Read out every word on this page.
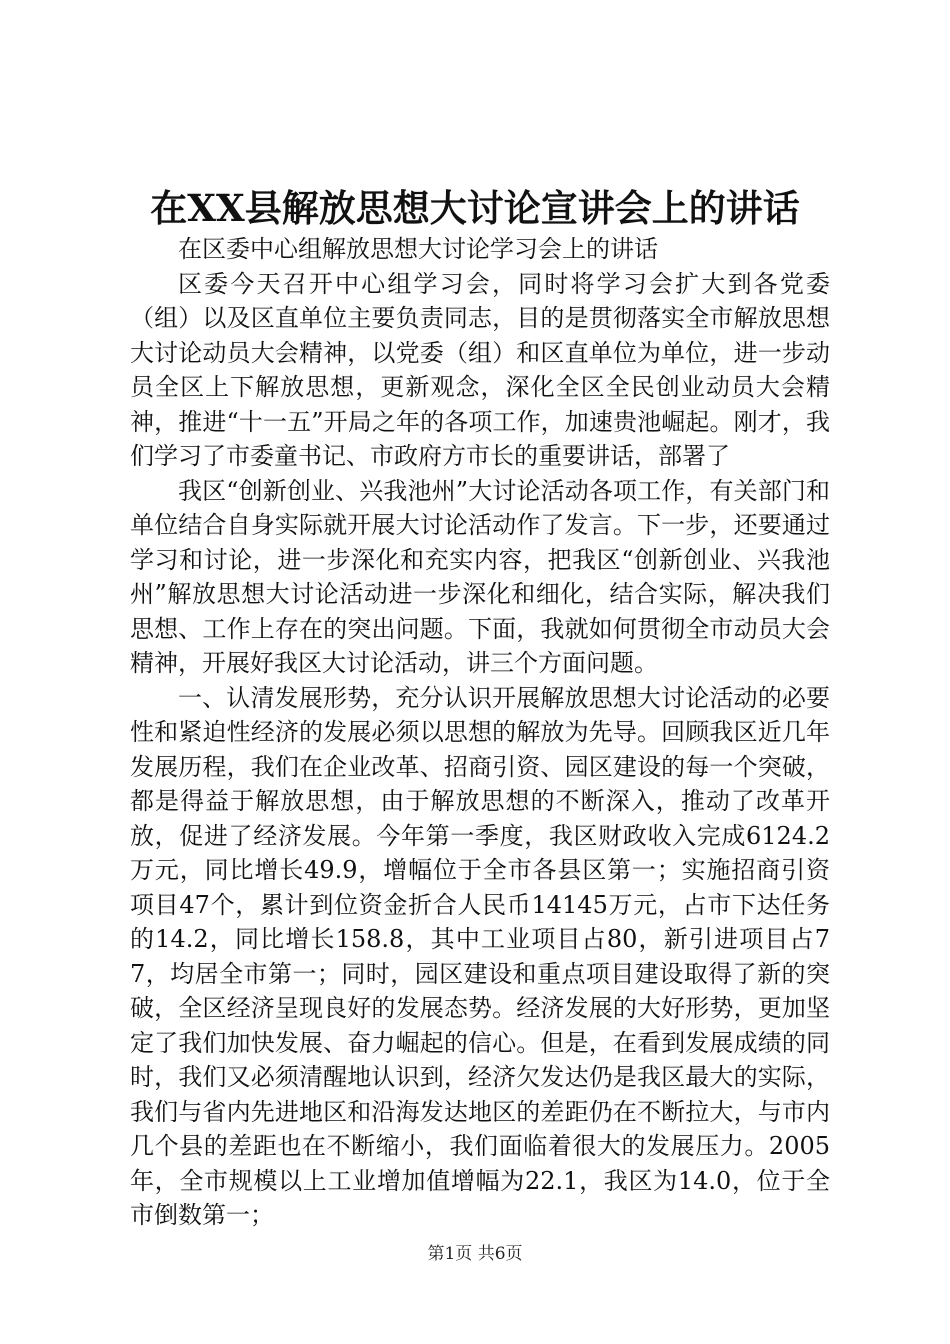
在XX县解放思想大讨论宣讲会上的讲话

在区委中心组解放思想大讨论学习会上的讲话

区委今天召开中心组学习会，同时将学习会扩大到各党委（组）以及区直单位主要负责同志，目的是贯彻落实全市解放思想大讨论动员大会精神，以党委（组）和区直单位为单位，进一步动员全区上下解放思想，更新观念，深化全区全民创业动员大会精神，推进“十一五”开局之年的各项工作，加速贵池崛起。刚才，我们学习了市委童书记、市政府方市长的重要讲话，部署了

我区“创新创业、兴我池州”大讨论活动各项工作，有关部门和单位结合自身实际就开展大讨论活动作了发言。下一步，还要通过学习和讨论，进一步深化和充实内容，把我区“创新创业、兴我池州”解放思想大讨论活动进一步深化和细化，结合实际，解决我们思想、工作上存在的突出问题。下面，我就如何贯彻全市动员大会精神，开展好我区大讨论活动，讲三个方面问题。

一、认清发展形势，充分认识开展解放思想大讨论活动的必要性和紧迫性经济的发展必须以思想的解放为先导。回顾我区近几年发展历程，我们在企业改革、招商引资、园区建设的每一个突破，都是得益于解放思想，由于解放思想的不断深入，推动了改革开放，促进了经济发展。今年第一季度，我区财政收入完成6124.2万元，同比增长49.9，增幅位于全市各县区第一；实施招商引资项目47个，累计到位资金折合人民币14145万元，占市下达任务的14.2，同比增长158.8，其中工业项目占80，新引进项目占77，均居全市第一；同时，园区建设和重点项目建设取得了新的突破，全区经济呈现良好的发展态势。经济发展的大好形势，更加坚定了我们加快发展、奋力崛起的信心。但是，在看到发展成绩的同时，我们又必须清醒地认识到，经济欠发达仍是我区最大的实际，我们与省内先进地区和沿海发达地区的差距仍在不断拉大，与市内几个县的差距也在不断缩小，我们面临着很大的发展压力。2005年，全市规模以上工业增加值增幅为22.1，我区为14.0，位于全市倒数第一；

第1页 共6页
